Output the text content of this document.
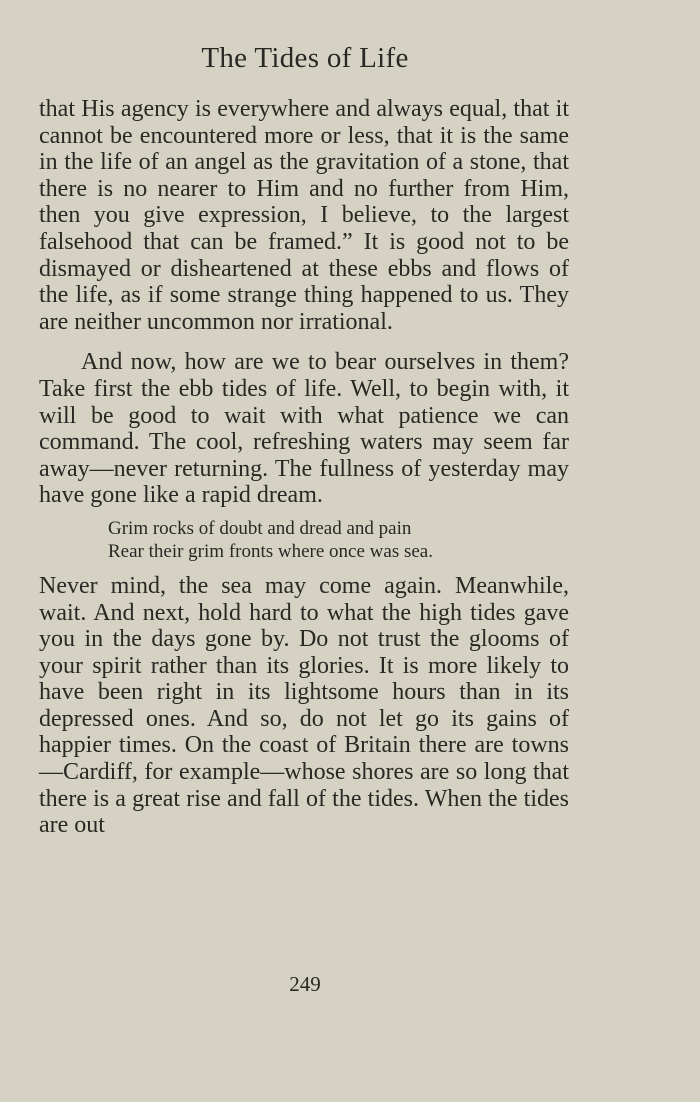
The Tides of Life

that His agency is everywhere and always equal, that it cannot be encountered more or less, that it is the same in the life of an angel as the gravitation of a stone, that there is no nearer to Him and no further from Him, then you give expression, I believe, to the largest falsehood that can be framed.” It is good not to be dismayed or disheartened at these ebbs and flows of the life, as if some strange thing happened to us. They are neither uncommon nor irrational.

And now, how are we to bear ourselves in them? Take first the ebb tides of life. Well, to begin with, it will be good to wait with what patience we can command. The cool, refreshing waters may seem far away—never returning. The fullness of yesterday may have gone like a rapid dream.

Grim rocks of doubt and dread and pain
Rear their grim fronts where once was sea.

Never mind, the sea may come again. Meanwhile, wait. And next, hold hard to what the high tides gave you in the days gone by. Do not trust the glooms of your spirit rather than its glories. It is more likely to have been right in its lightsome hours than in its depressed ones. And so, do not let go its gains of happier times. On the coast of Britain there are towns—Cardiff, for example—whose shores are so long that there is a great rise and fall of the tides. When the tides are out

249
